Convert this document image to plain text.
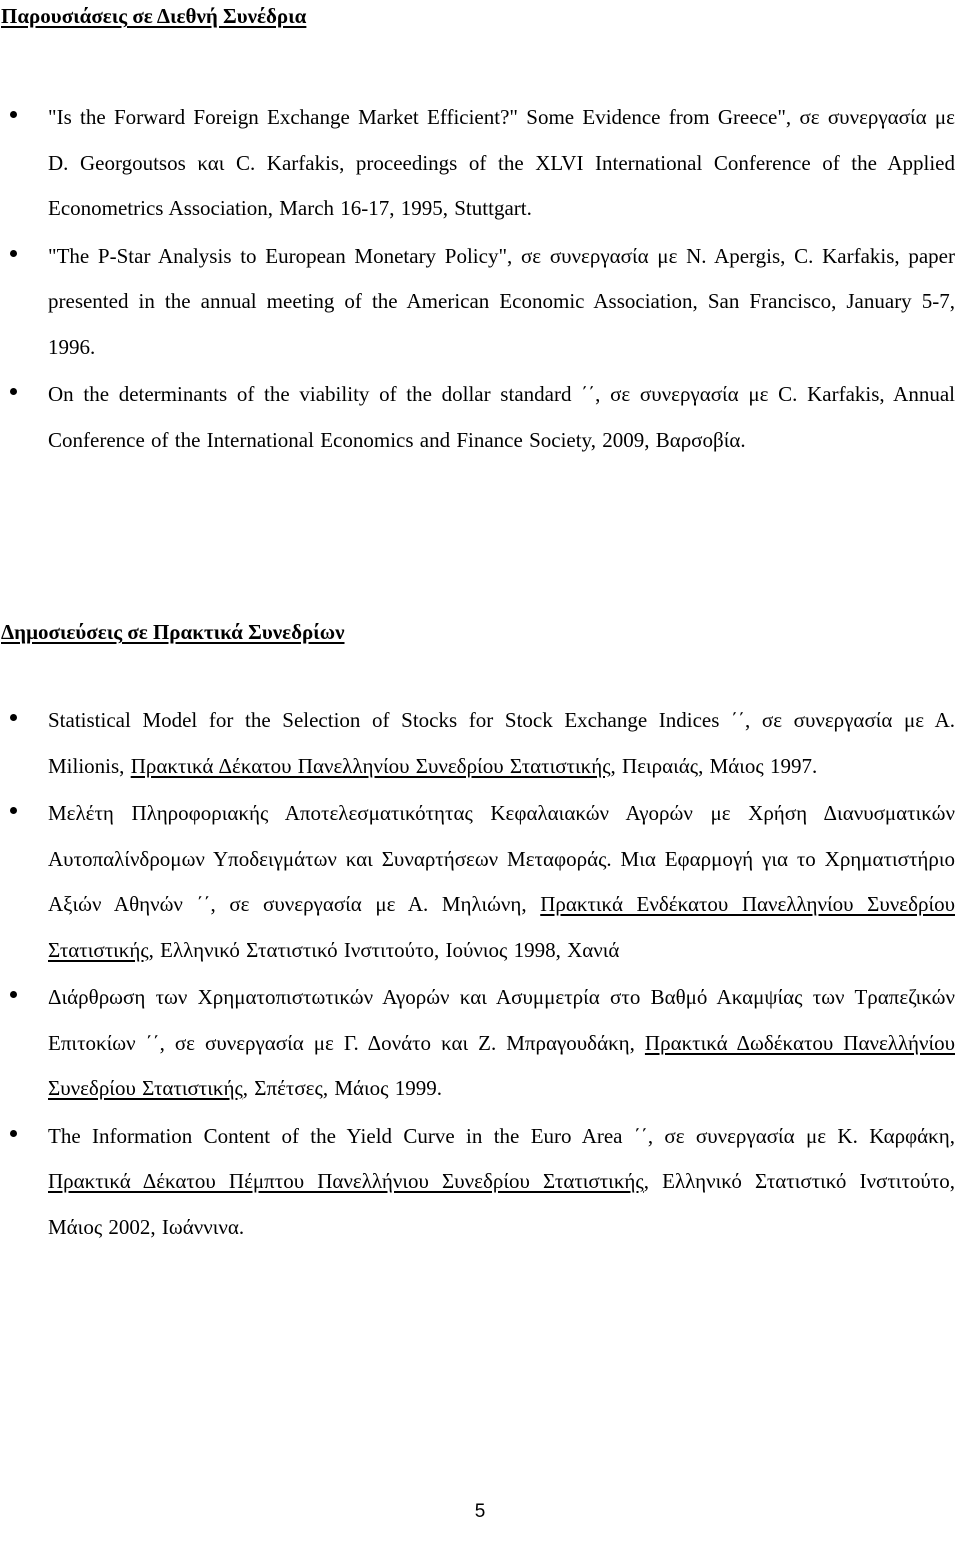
Παρουσιάσεις σε Διεθνή Συνέδρια
"Is the Forward Foreign Exchange Market Efficient?" Some Evidence from Greece", σε συνεργασία με D. Georgoutsos και C. Karfakis, proceedings of the XLVI International Conference of the Applied Econometrics Association, March 16-17, 1995, Stuttgart.
"The P-Star Analysis to European Monetary Policy", σε συνεργασία με N. Apergis, C. Karfakis, paper presented in the annual meeting of the American Economic Association, San Francisco, January 5-7, 1996.
On the determinants of the viability of the dollar standard ΄΄, σε συνεργασία με C. Karfakis, Annual Conference of the International Economics and Finance Society, 2009, Βαρσοβία.
Δημοσιεύσεις σε Πρακτικά Συνεδρίων
Statistical Model for the Selection of Stocks for Stock Exchange Indices ΄΄, σε συνεργασία με Α. Milionis, Πρακτικά Δέκατου Πανελληνίου Συνεδρίου Στατιστικής, Πειραιάς, Μάιος 1997.
Μελέτη Πληροφοριακής Αποτελεσματικότητας Κεφαλαιακών Αγορών με Χρήση Διανυσματικών Αυτοπαλίνδρομων Υποδειγμάτων και Συναρτήσεων Μεταφοράς. Μια Εφαρμογή για το Χρηματιστήριο Αξιών Αθηνών ΄΄, σε συνεργασία με Α. Μηλιώνη, Πρακτικά Ενδέκατου Πανελληνίου Συνεδρίου Στατιστικής, Ελληνικό Στατιστικό Ινστιτούτο, Ιούνιος 1998, Χανιά
Διάρθρωση των Χρηματοπιστωτικών Αγορών και Ασυμμετρία στο Βαθμό Ακαμψίας των Τραπεζικών Επιτοκίων ΄΄, σε συνεργασία με Γ. Δονάτο και Ζ. Μπραγουδάκη, Πρακτικά Δωδέκατου Πανελλήνίου Συνεδρίου Στατιστικής, Σπέτσες, Μάιος 1999.
The Information Content of the Yield Curve in the Euro Area ΄΄, σε συνεργασία με Κ. Καρφάκη, Πρακτικά Δέκατου Πέμπτου Πανελλήνιου Συνεδρίου Στατιστικής, Ελληνικό Στατιστικό Ινστιτούτο, Μάιος 2002, Ιωάννινα.
5
